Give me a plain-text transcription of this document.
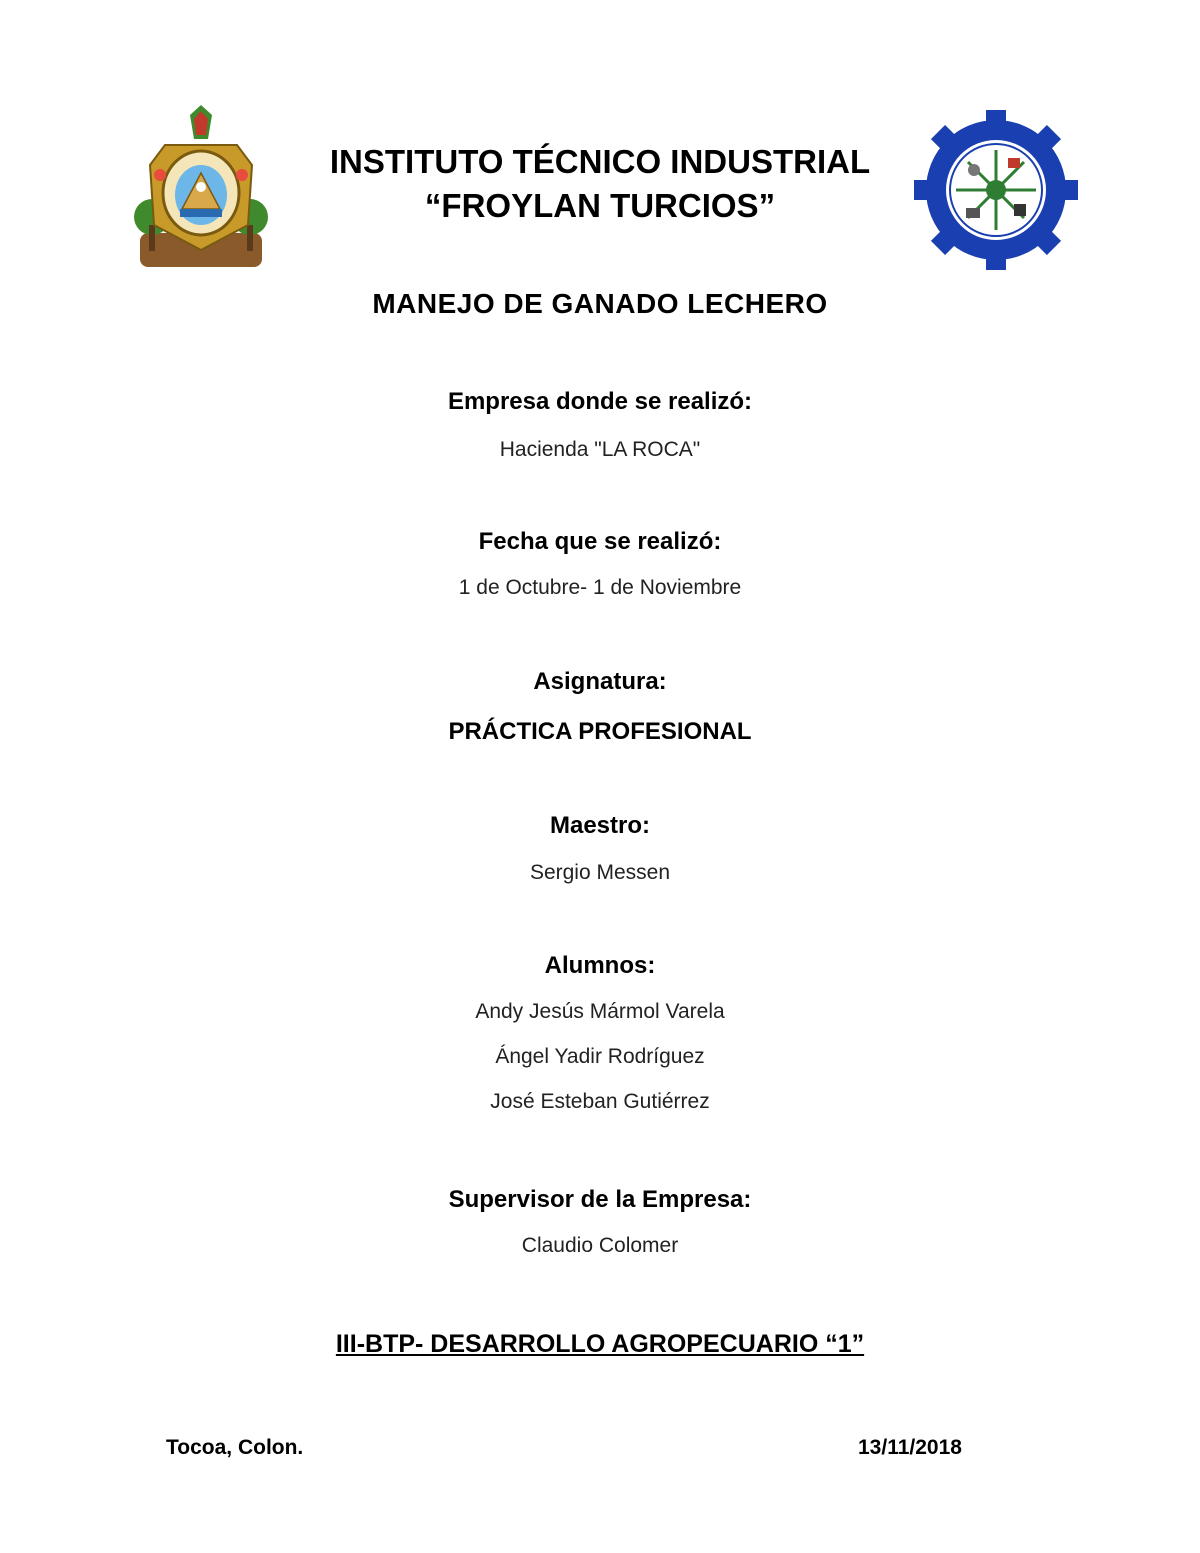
INSTITUTO TÉCNICO INDUSTRIAL
“FROYLAN TURCIOS”
MANEJO DE GANADO LECHERO
Empresa donde se realizó:
Hacienda "LA ROCA"
Fecha que se realizó:
1 de Octubre- 1 de Noviembre
Asignatura:
PRÁCTICA PROFESIONAL
Maestro:
Sergio Messen
Alumnos:
Andy Jesús Mármol Varela
Ángel Yadir Rodríguez
José Esteban Gutiérrez
Supervisor de la Empresa:
Claudio Colomer
III-BTP- DESARROLLO AGROPECUARIO “1”
Tocoa, Colon.	13/11/2018
